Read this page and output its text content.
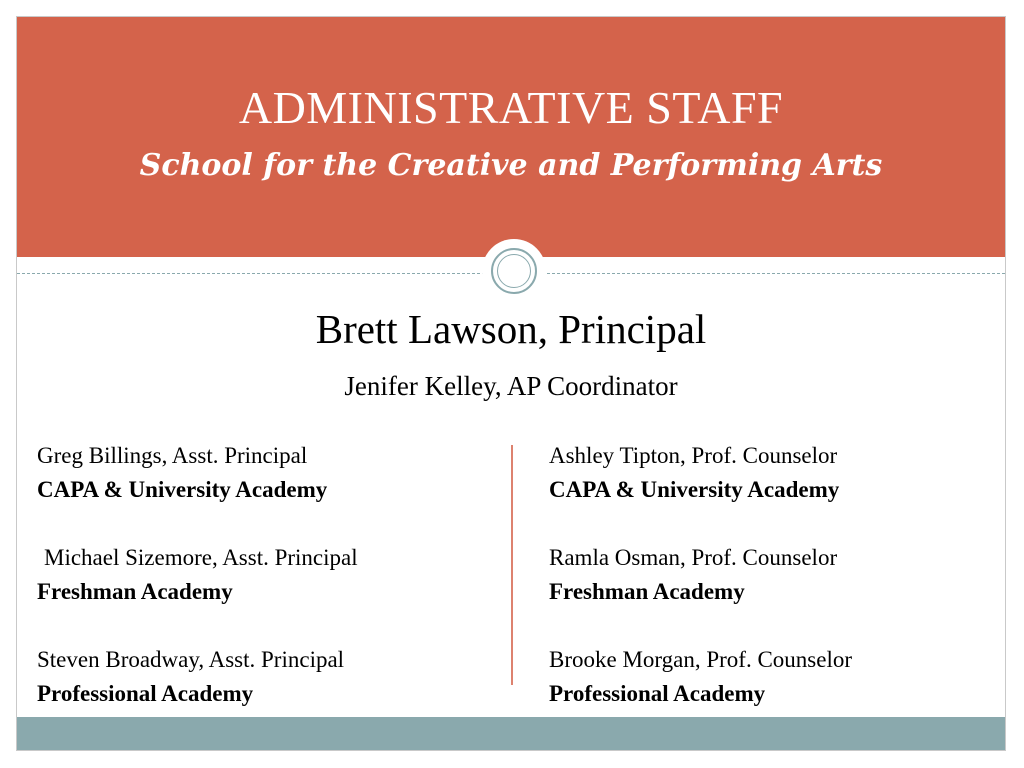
ADMINISTRATIVE STAFF
School for the Creative and Performing Arts
Brett Lawson, Principal
Jenifer Kelley, AP Coordinator
Greg Billings, Asst. Principal
CAPA & University Academy
Michael Sizemore, Asst. Principal
Freshman Academy
Steven Broadway, Asst. Principal
Professional Academy
Ashley Tipton, Prof. Counselor
CAPA & University Academy
Ramla Osman, Prof. Counselor
Freshman Academy
Brooke Morgan, Prof. Counselor
Professional Academy
